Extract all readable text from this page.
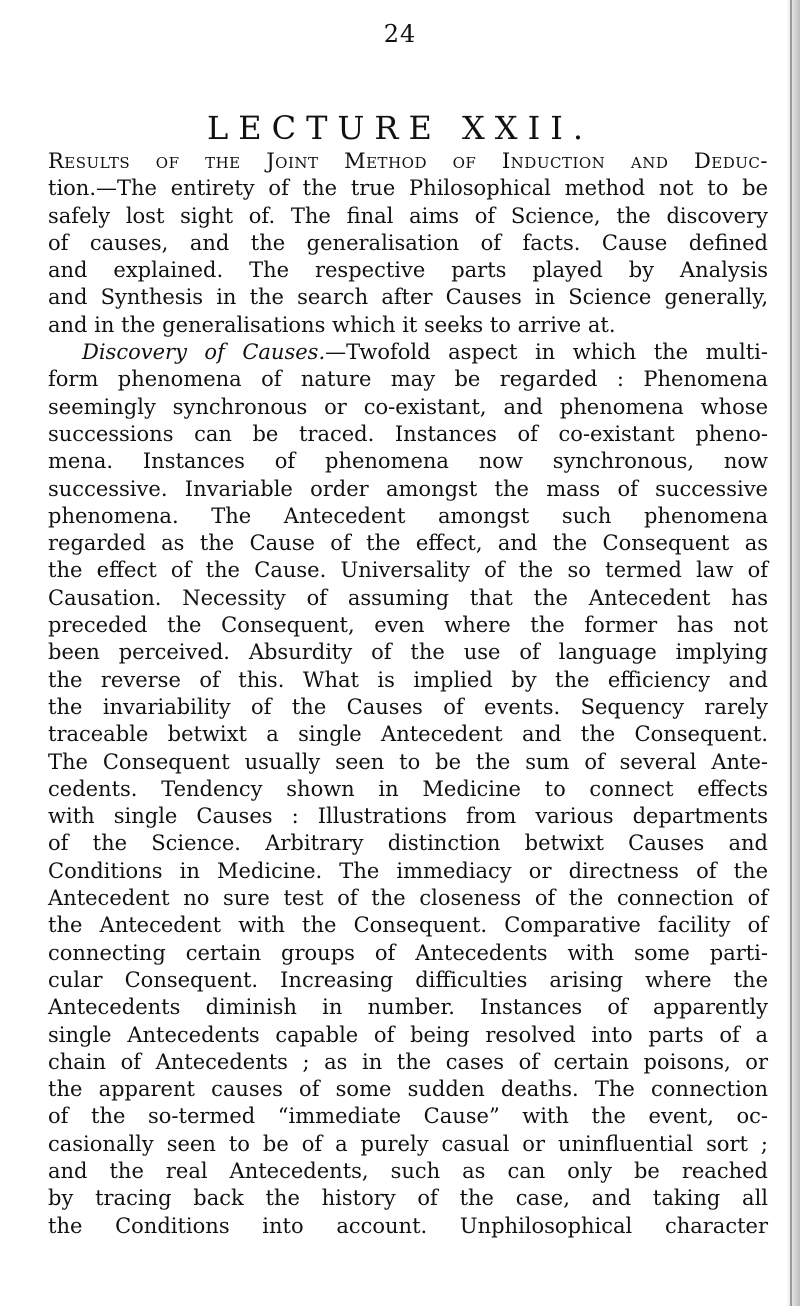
24
LECTURE XXII.
Results of the Joint Method of Induction and Deduc-
tion.—The entirety of the true Philosophical method not to be
safely lost sight of. The final aims of Science, the discovery
of causes, and the generalisation of facts. Cause defined
and explained. The respective parts played by Analysis
and Synthesis in the search after Causes in Science generally,
and in the generalisations which it seeks to arrive at.
Discovery of Causes.—Twofold aspect in which the multi-
form phenomena of nature may be regarded : Phenomena
seemingly synchronous or co-existant, and phenomena whose
successions can be traced. Instances of co-existant pheno-
mena. Instances of phenomena now synchronous, now
successive. Invariable order amongst the mass of successive
phenomena. The Antecedent amongst such phenomena
regarded as the Cause of the effect, and the Consequent as
the effect of the Cause. Universality of the so termed law of
Causation. Necessity of assuming that the Antecedent has
preceded the Consequent, even where the former has not
been perceived. Absurdity of the use of language implying
the reverse of this. What is implied by the efficiency and
the invariability of the Causes of events. Sequency rarely
traceable betwixt a single Antecedent and the Consequent.
The Consequent usually seen to be the sum of several Ante-
cedents. Tendency shown in Medicine to connect effects
with single Causes : Illustrations from various departments
of the Science. Arbitrary distinction betwixt Causes and
Conditions in Medicine. The immediacy or directness of the
Antecedent no sure test of the closeness of the connection of
the Antecedent with the Consequent. Comparative facility of
connecting certain groups of Antecedents with some parti-
cular Consequent. Increasing difficulties arising where the
Antecedents diminish in number. Instances of apparently
single Antecedents capable of being resolved into parts of a
chain of Antecedents ; as in the cases of certain poisons, or
the apparent causes of some sudden deaths. The connection
of the so-termed “immediate Cause” with the event, oc-
casionally seen to be of a purely casual or uninfluential sort ;
and the real Antecedents, such as can only be reached
by tracing back the history of the case, and taking all
the Conditions into account. Unphilosophical character
